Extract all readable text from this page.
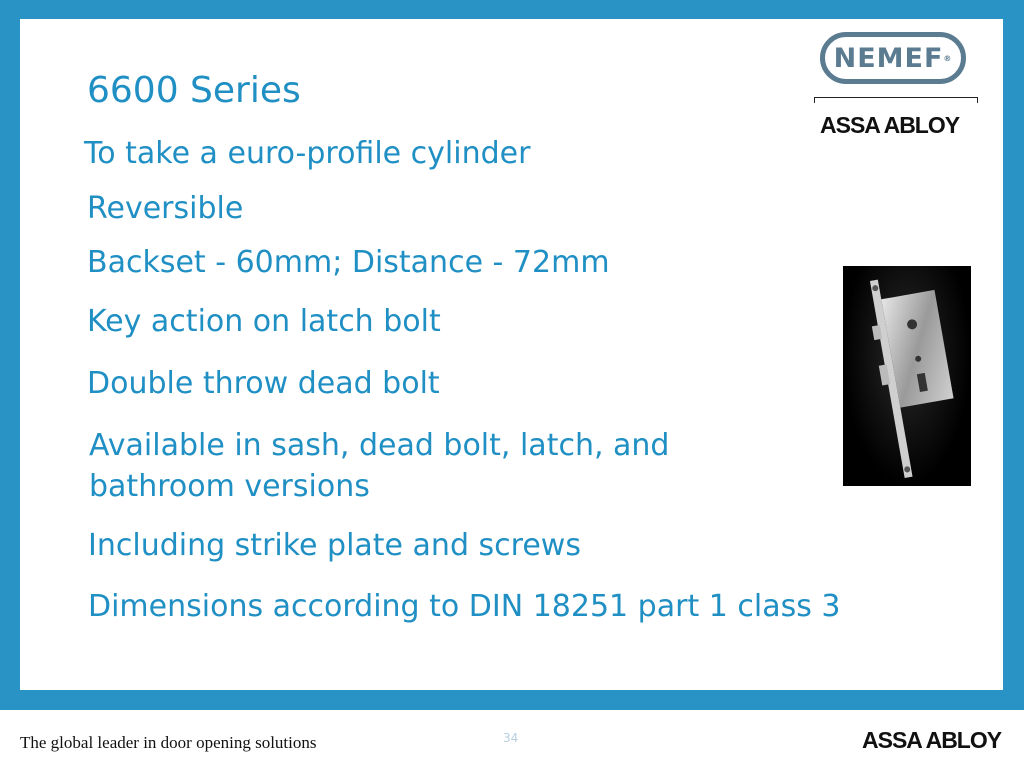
6600 Series
To take a euro-profile cylinder
Reversible
Backset - 60mm; Distance - 72mm
Key action on latch bolt
Double throw dead bolt
Available in sash, dead bolt, latch, and bathroom versions
Including strike plate and screws
Dimensions according to DIN 18251 part 1 class 3
NEMEF ®
ASSA ABLOY
The global leader in door opening solutions	34	ASSA ABLOY
